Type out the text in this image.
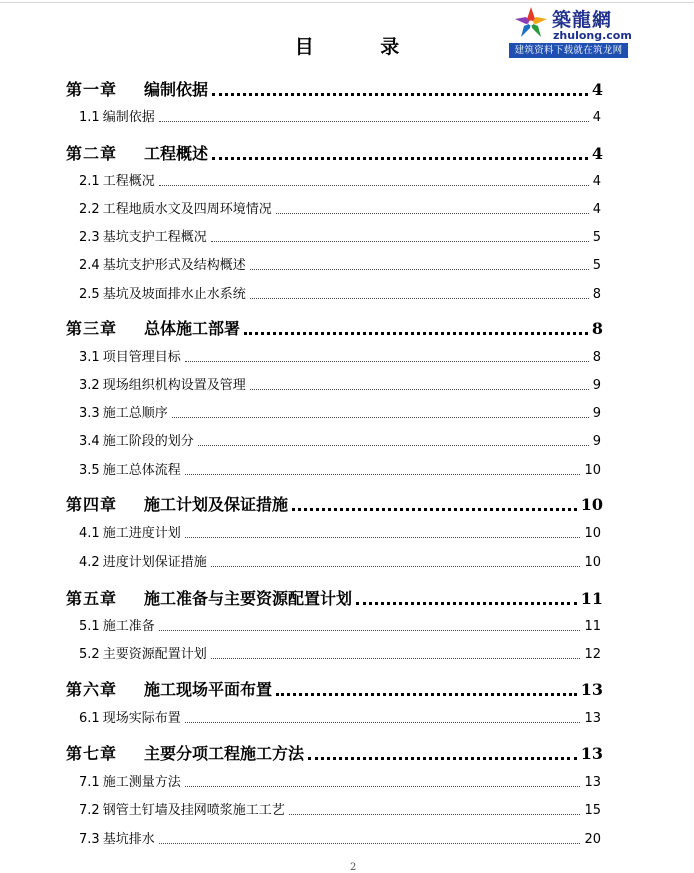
築龍網
zhulong.com
建筑资料下载就在筑龙网
目 录
第一章	编制依据	4
1.1 编制依据	4
第二章	工程概述	4
2.1 工程概况	4
2.2 工程地质水文及四周环境情况	4
2.3 基坑支护工程概况	5
2.4 基坑支护形式及结构概述	5
2.5 基坑及坡面排水止水系统	8
第三章	总体施工部署	8
3.1 项目管理目标	8
3.2 现场组织机构设置及管理	9
3.3 施工总顺序	9
3.4 施工阶段的划分	9
3.5 施工总体流程	10
第四章	施工计划及保证措施	10
4.1 施工进度计划	10
4.2 进度计划保证措施	10
第五章	施工准备与主要资源配置计划	11
5.1 施工准备	11
5.2 主要资源配置计划	12
第六章	施工现场平面布置	13
6.1 现场实际布置	13
第七章	主要分项工程施工方法	13
7.1 施工测量方法	13
7.2 钢管土钉墙及挂网喷浆施工工艺	15
7.3 基坑排水	20
2
